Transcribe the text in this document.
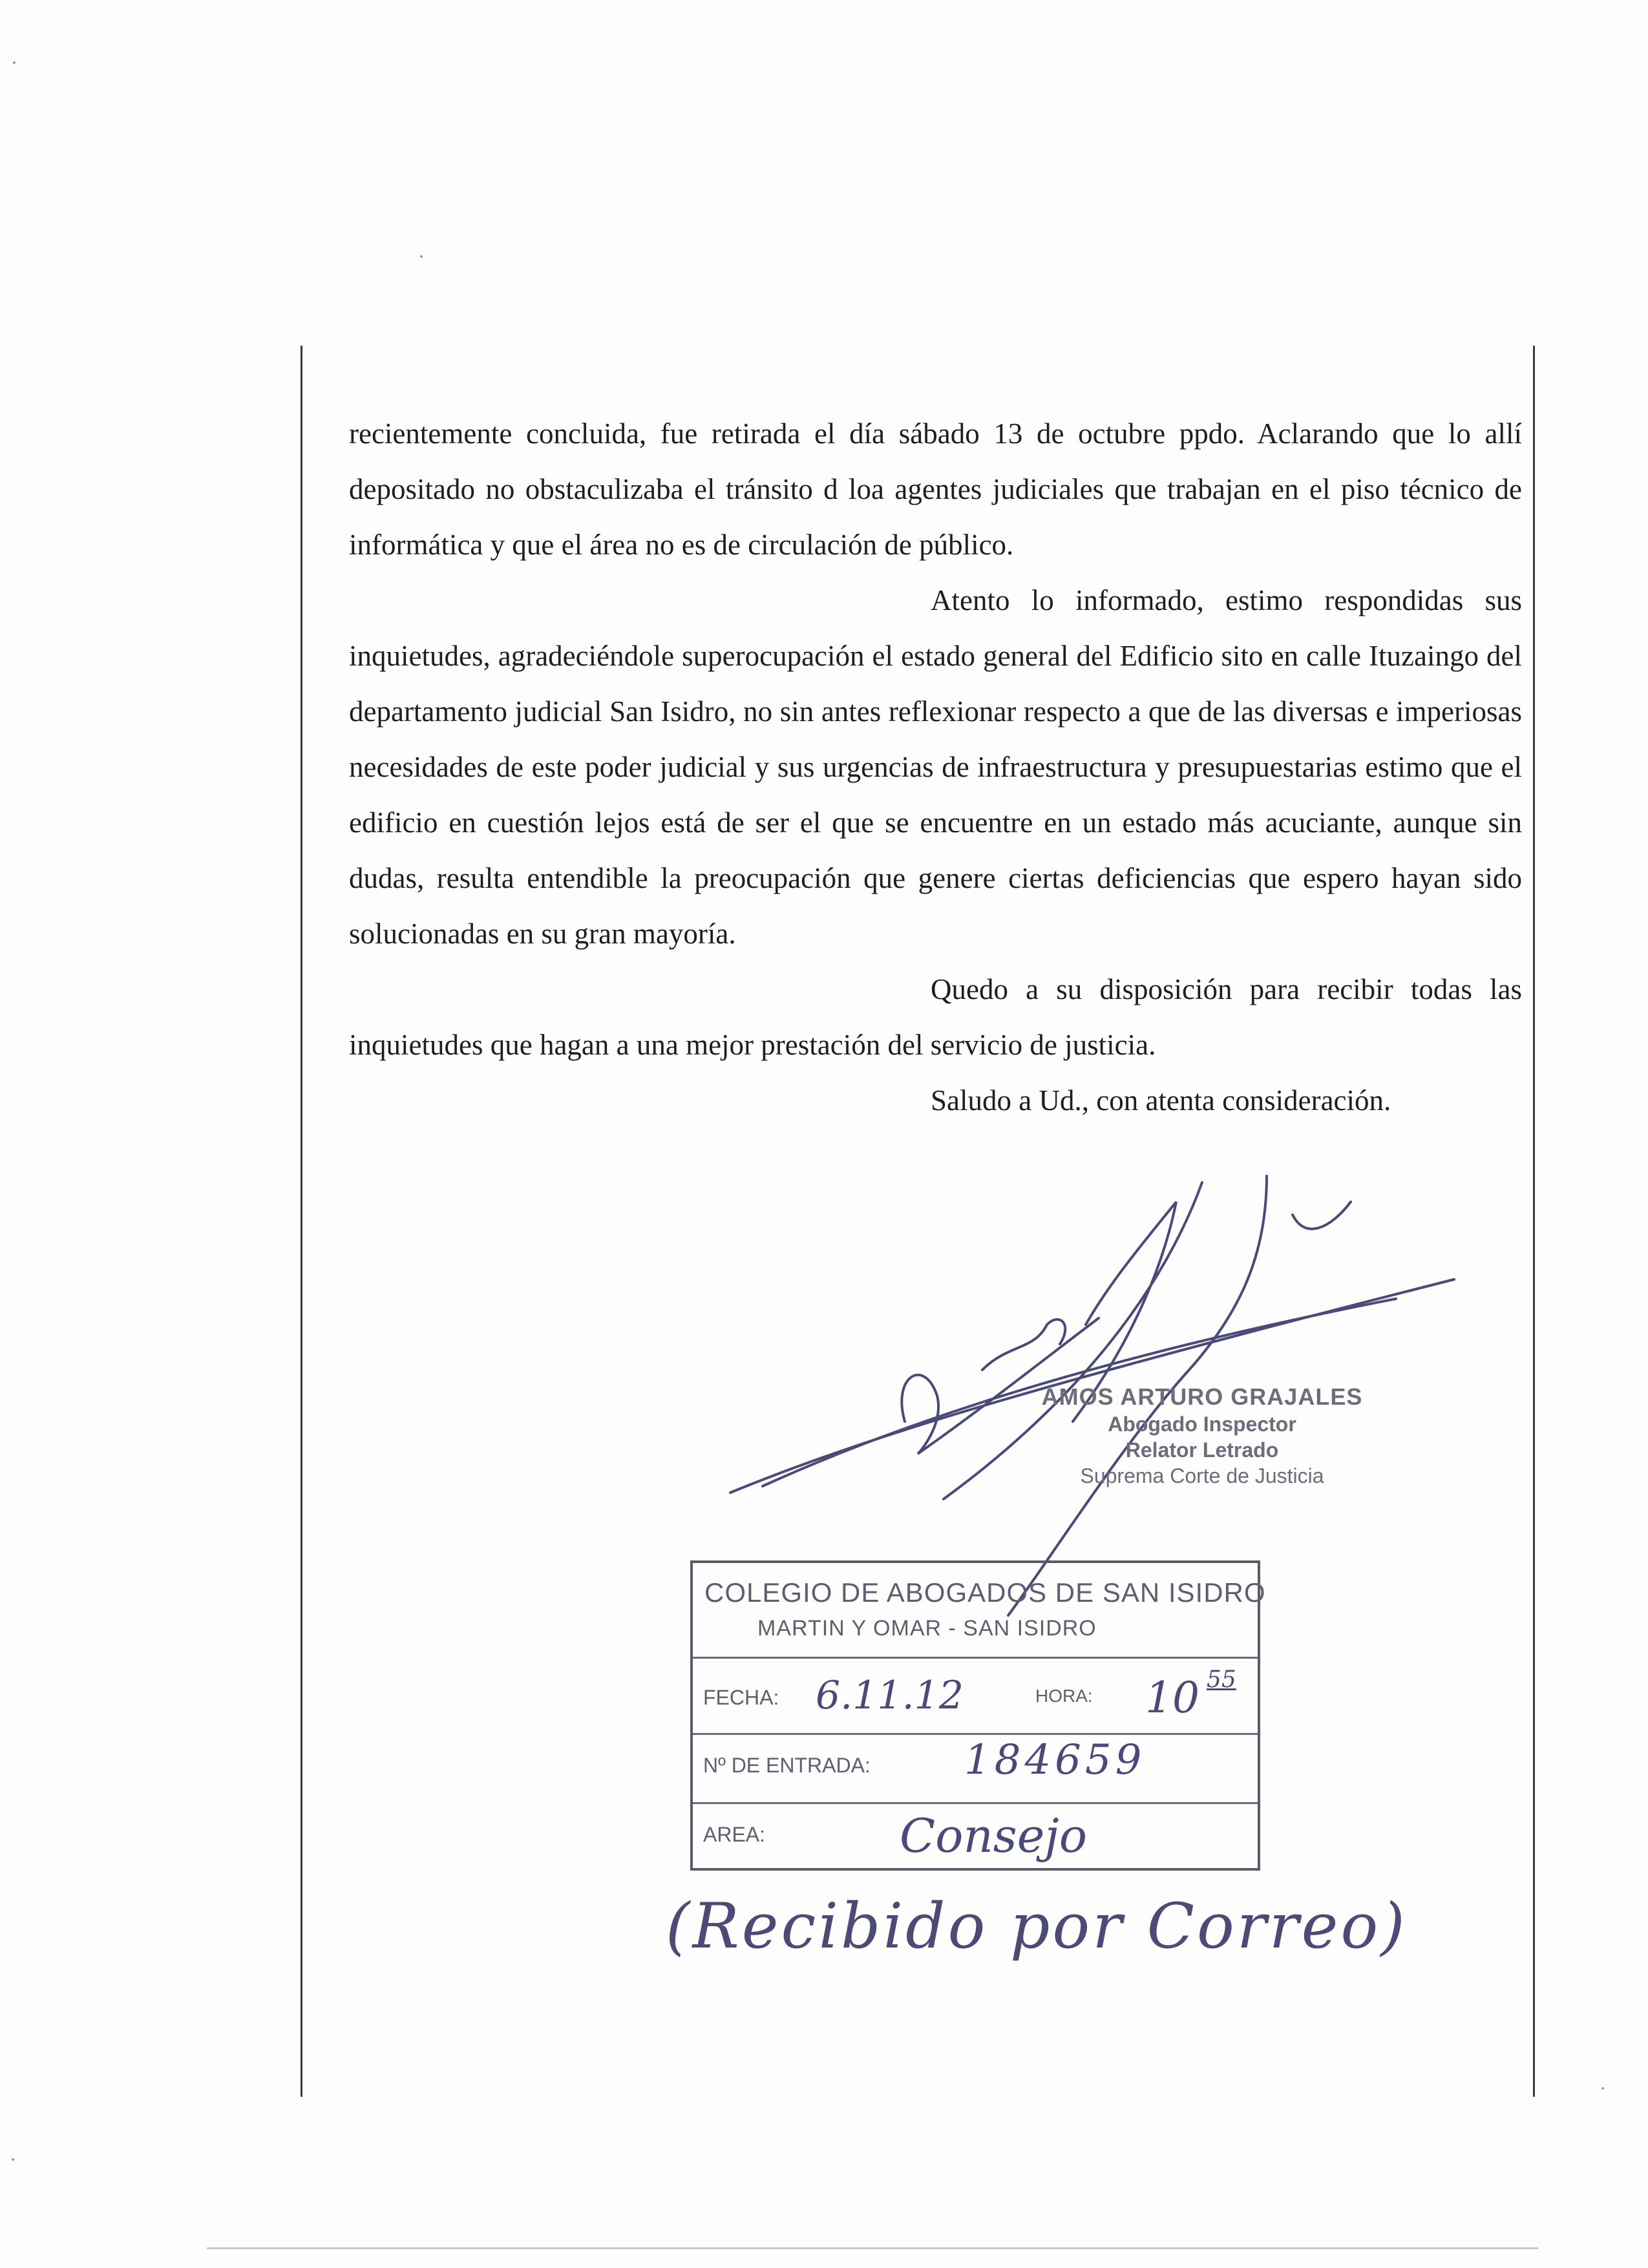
recientemente concluida, fue retirada el día sábado 13 de octubre ppdo. Aclarando que lo allí depositado no obstaculizaba el tránsito d loa agentes judiciales que trabajan en el piso técnico de informática y que el área no es de circulación de público.

Atento lo informado, estimo respondidas sus inquietudes, agradeciéndole superocupación el estado general del Edificio sito en calle Ituzaingo del departamento judicial San Isidro, no sin antes reflexionar respecto a que de las diversas e imperiosas necesidades de este poder judicial y sus urgencias de infraestructura y presupuestarias estimo que el edificio en cuestión lejos está de ser el que se encuentre en un estado más acuciante, aunque sin dudas, resulta entendible la preocupación que genere ciertas deficiencias que espero hayan sido solucionadas en su gran mayoría.

Quedo a su disposición para recibir todas las inquietudes que hagan a una mejor prestación del servicio de justicia.

Saludo a Ud., con atenta consideración.

AMOS ARTURO GRAJALES
Abogado Inspector
Relator Letrado
Suprema Corte de Justicia
COLEGIO DE ABOGADOS DE SAN ISIDRO
MARTIN Y OMAR - SAN ISIDRO
FECHA: 6.11.12	HORA: 10 55
Nº DE ENTRADA: 184659
AREA:	Consejo
(Recibido por Correo)
